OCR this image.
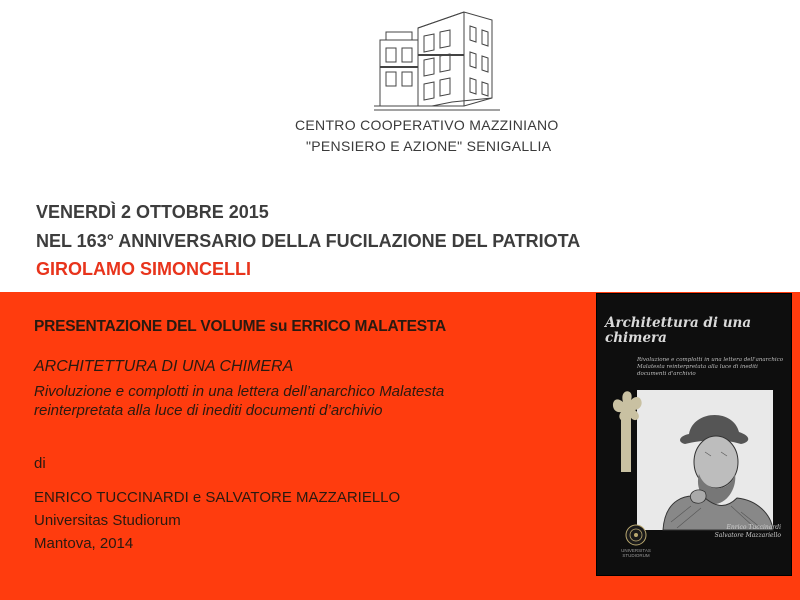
CENTRO COOPERATIVO MAZZINIANO
"PENSIERO E AZIONE" SENIGALLIA
VENERDÌ 2 OTTOBRE 2015
NEL 163° ANNIVERSARIO DELLA FUCILAZIONE DEL PATRIOTA
GIROLAMO SIMONCELLI
PRESENTAZIONE DEL VOLUME su ERRICO MALATESTA
ARCHITETTURA DI UNA CHIMERA
Rivoluzione e complotti in una lettera dell’anarchico Malatesta reinterpretata alla luce di inediti documenti d’archivio
di
ENRICO TUCCINARDI e SALVATORE MAZZARIELLO
Universitas Studiorum
Mantova, 2014
Architettura di una chimera
Rivoluzione e complotti in una lettera dell'anarchico Malatesta reinterpretata alla luce di inediti documenti d'archivio
UNIVERSITAS STUDIORUM
Enrico Tuccinardi Salvatore Mazzariello
